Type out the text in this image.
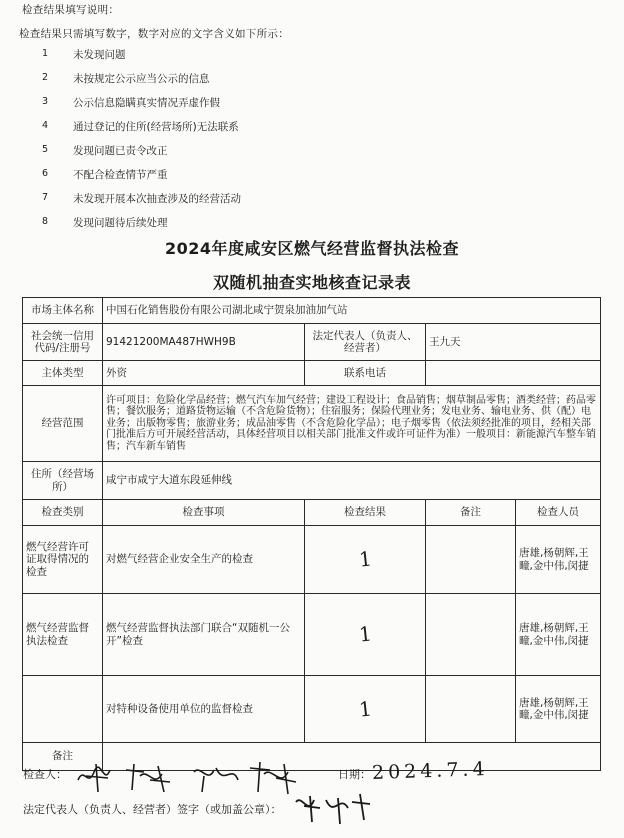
检查结果填写说明：
检查结果只需填写数字，数字对应的文字含义如下所示：
1 未发现问题
2 未按规定公示应当公示的信息
3 公示信息隐瞒真实情况弄虚作假
4 通过登记的住所(经营场所)无法联系
5 发现问题已责令改正
6 不配合检查情节严重
7 未发现开展本次抽查涉及的经营活动
8 发现问题待后续处理
2024年度咸安区燃气经营监督执法检查
双随机抽查实地核查记录表
市场主体名称	中国石化销售股份有限公司湖北咸宁贺泉加油加气站			
社会统一信用代码/注册号	91421200MA487HWH9B	法定代表人（负责人、经营者）	王九天	
主体类型	外资	联系电话		
经营范围	许可项目：危险化学品经营；燃气汽车加气经营；建设工程设计；食品销售；烟草制品零售；酒类经营；药品零售；餐饮服务；道路货物运输（不含危险货物）；住宿服务；保险代理业务；发电业务、输电业务、供（配）电业务；出版物零售；旅游业务；成品油零售（不含危险化学品）；电子烟零售（依法须经批准的项目，经相关部门批准后方可开展经营活动，具体经营项目以相关部门批准文件或许可证件为准）一般项目：新能源汽车整车销售；汽车新车销售			
住所（经营场所）	咸宁市咸宁大道东段延伸线			
检查类别	检查事项	检查结果	备注	检查人员
燃气经营许可证取得情况的检查	对燃气经营企业安全生产的检查	1		唐雄,杨朝辉,王疃,金中伟,闵捷
燃气经营监督执法检查	燃气经营监督执法部门联合“双随机一公开”检查	1		唐雄,杨朝辉,王疃,金中伟,闵捷
	对特种设备使用单位的监督检查	1		唐雄,杨朝辉,王疃,金中伟,闵捷
备注				
检查人：	日期： 2024.7.4
法定代表人（负责人、经营者）签字（或加盖公章）：
